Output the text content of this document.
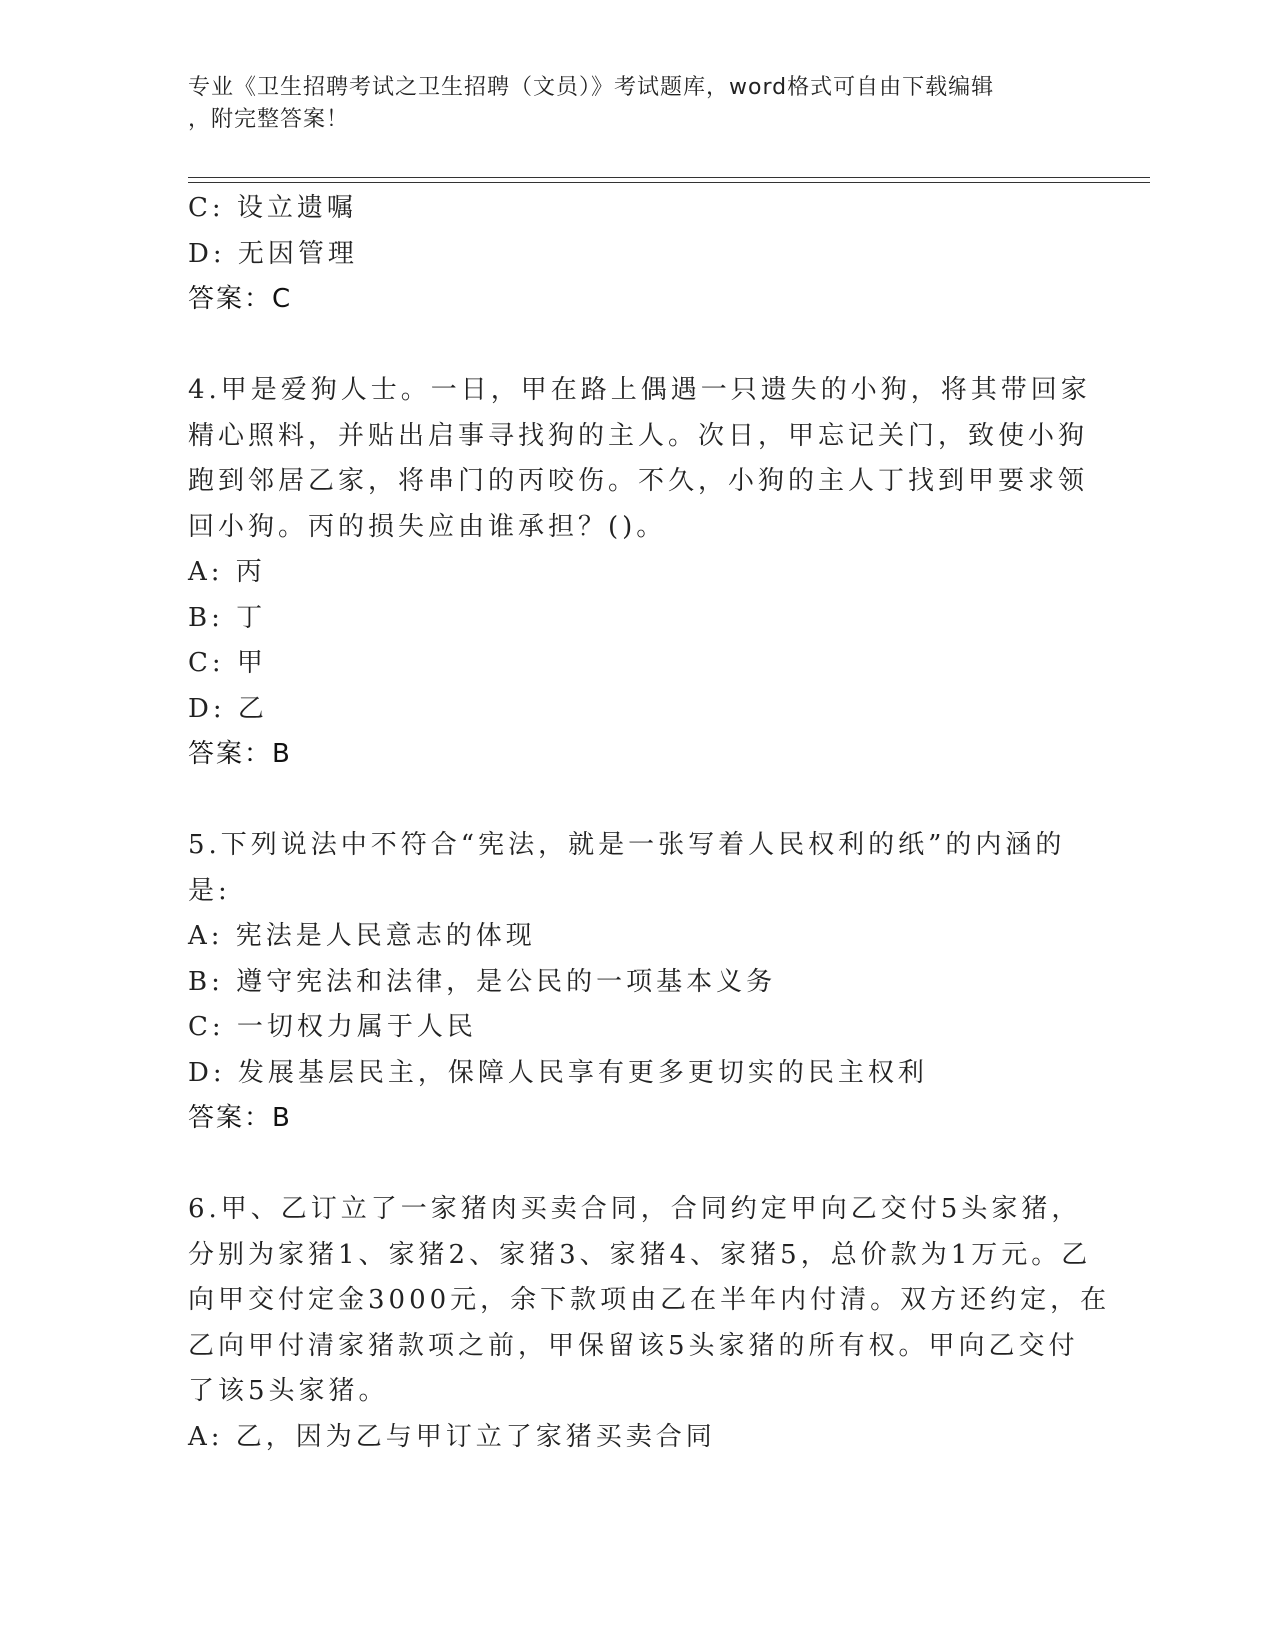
专业《卫生招聘考试之卫生招聘（文员）》考试题库，word格式可自由下载编辑
，附完整答案！
C: 设立遗嘱
D: 无因管理
答案：C
4.甲是爱狗人士。一日，甲在路上偶遇一只遗失的小狗，将其带回家
精心照料，并贴出启事寻找狗的主人。次日，甲忘记关门，致使小狗
跑到邻居乙家，将串门的丙咬伤。不久，小狗的主人丁找到甲要求领
回小狗。丙的损失应由谁承担？()。
A: 丙
B: 丁
C: 甲
D: 乙
答案：B
5.下列说法中不符合“宪法，就是一张写着人民权利的纸”的内涵的
是:
A: 宪法是人民意志的体现
B: 遵守宪法和法律，是公民的一项基本义务
C: 一切权力属于人民
D: 发展基层民主，保障人民享有更多更切实的民主权利
答案：B
6.甲、乙订立了一家猪肉买卖合同，合同约定甲向乙交付5头家猪，
分别为家猪1、家猪2、家猪3、家猪4、家猪5，总价款为1万元。乙
向甲交付定金3000元，余下款项由乙在半年内付清。双方还约定，在
乙向甲付清家猪款项之前，甲保留该5头家猪的所有权。甲向乙交付
了该5头家猪。
A: 乙，因为乙与甲订立了家猪买卖合同
